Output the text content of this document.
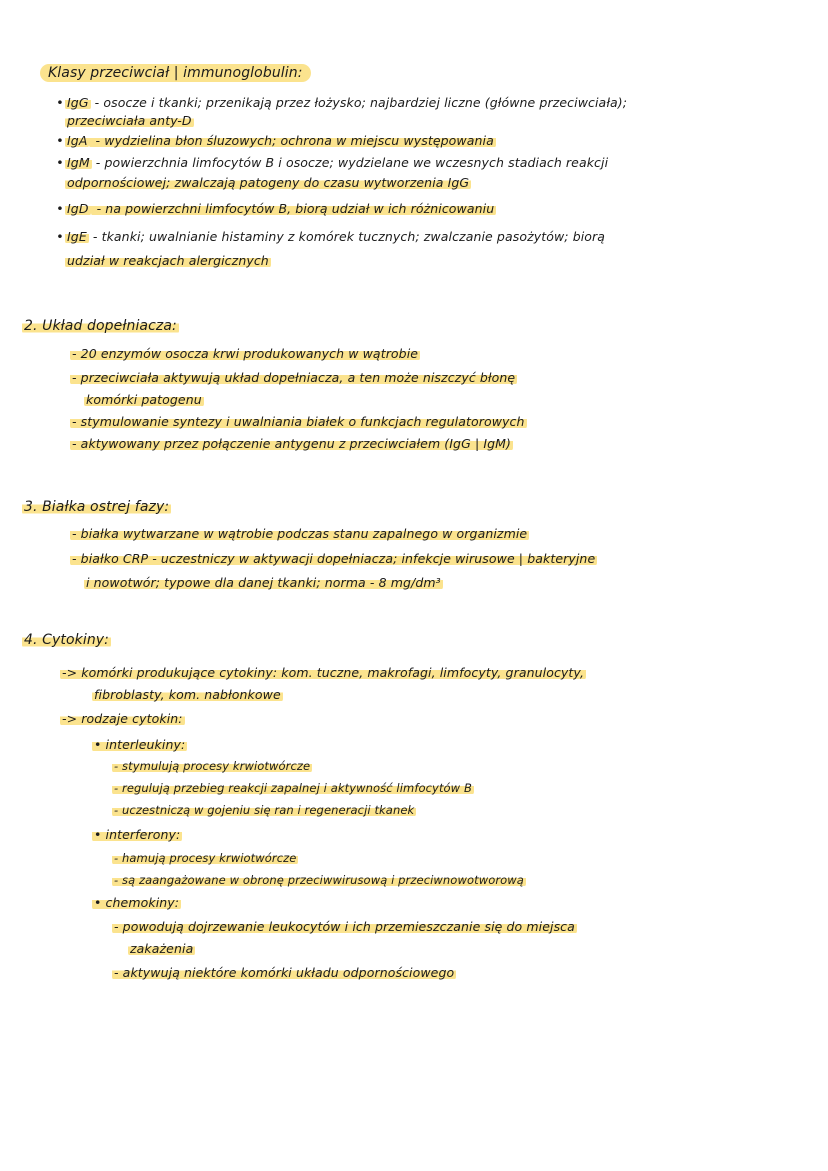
Klasy przeciwciał | immunoglobulin:
• IgG - osocze i tkanki; przenikają przez łożysko; najbardziej liczne (główne przeciwciała);
przeciwciała anty-D
• IgA - wydzielina błon śluzowych; ochrona w miejscu występowania
• IgM - powierzchnia limfocytów B i osocze; wydzielane we wczesnych stadiach reakcji
odpornościowej; zwalczają patogeny do czasu wytworzenia IgG
• IgD - na powierzchni limfocytów B, biorą udział w ich różnicowaniu
• IgE - tkanki; uwalnianie histaminy z komórek tucznych; zwalczanie pasożytów; biorą
udział w reakcjach alergicznych
2. Układ dopełniacza:
- 20 enzymów osocza krwi produkowanych w wątrobie
- przeciwciała aktywują układ dopełniacza, a ten może niszczyć błonę
komórki patogenu
- stymulowanie syntezy i uwalniania białek o funkcjach regulatorowych
- aktywowany przez połączenie antygenu z przeciwciałem (IgG | IgM)
3. Białka ostrej fazy:
- białka wytwarzane w wątrobie podczas stanu zapalnego w organizmie
- białko CRP - uczestniczy w aktywacji dopełniacza; infekcje wirusowe | bakteryjne
i nowotwór; typowe dla danej tkanki; norma - 8 mg/dm³
4. Cytokiny:
-> komórki produkujące cytokiny: kom. tuczne, makrofagi, limfocyty, granulocyty,
fibroblasty, kom. nabłonkowe
-> rodzaje cytokin:
• interleukiny:
- stymulują procesy krwiotwórcze
- regulują przebieg reakcji zapalnej i aktywność limfocytów B
- uczestniczą w gojeniu się ran i regeneracji tkanek
• interferony:
- hamują procesy krwiotwórcze
- są zaangażowane w obronę przeciwwirusową i przeciwnowotworową
• chemokiny:
- powodują dojrzewanie leukocytów i ich przemieszczanie się do miejsca
zakażenia
- aktywują niektóre komórki układu odpornościowego
